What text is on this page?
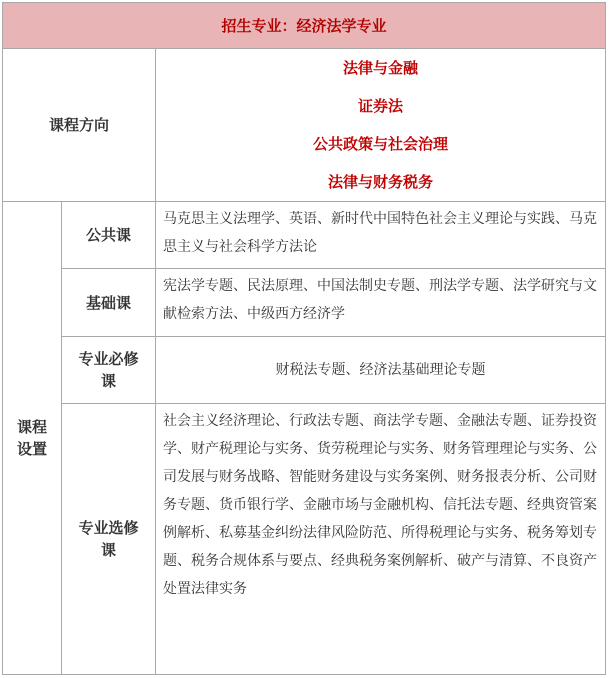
招生专业：经济法学专业
课程方向
法律与金融
证券法
公共政策与社会治理
法律与财务税务
课程设置
公共课
马克思主义法理学、英语、新时代中国特色社会主义理论与实践、马克思主义与社会科学方法论
基础课
宪法学专题、民法原理、中国法制史专题、刑法学专题、法学研究与文献检索方法、中级西方经济学
专业必修课
财税法专题、经济法基础理论专题
专业选修课
社会主义经济理论、行政法专题、商法学专题、金融法专题、证券投资学、财产税理论与实务、货劳税理论与实务、财务管理理论与实务、公司发展与财务战略、智能财务建设与实务案例、财务报表分析、公司财务专题、货币银行学、金融市场与金融机构、信托法专题、经典资管案例解析、私募基金纠纷法律风险防范、所得税理论与实务、税务筹划专题、税务合规体系与要点、经典税务案例解析、破产与清算、不良资产处置法律实务
